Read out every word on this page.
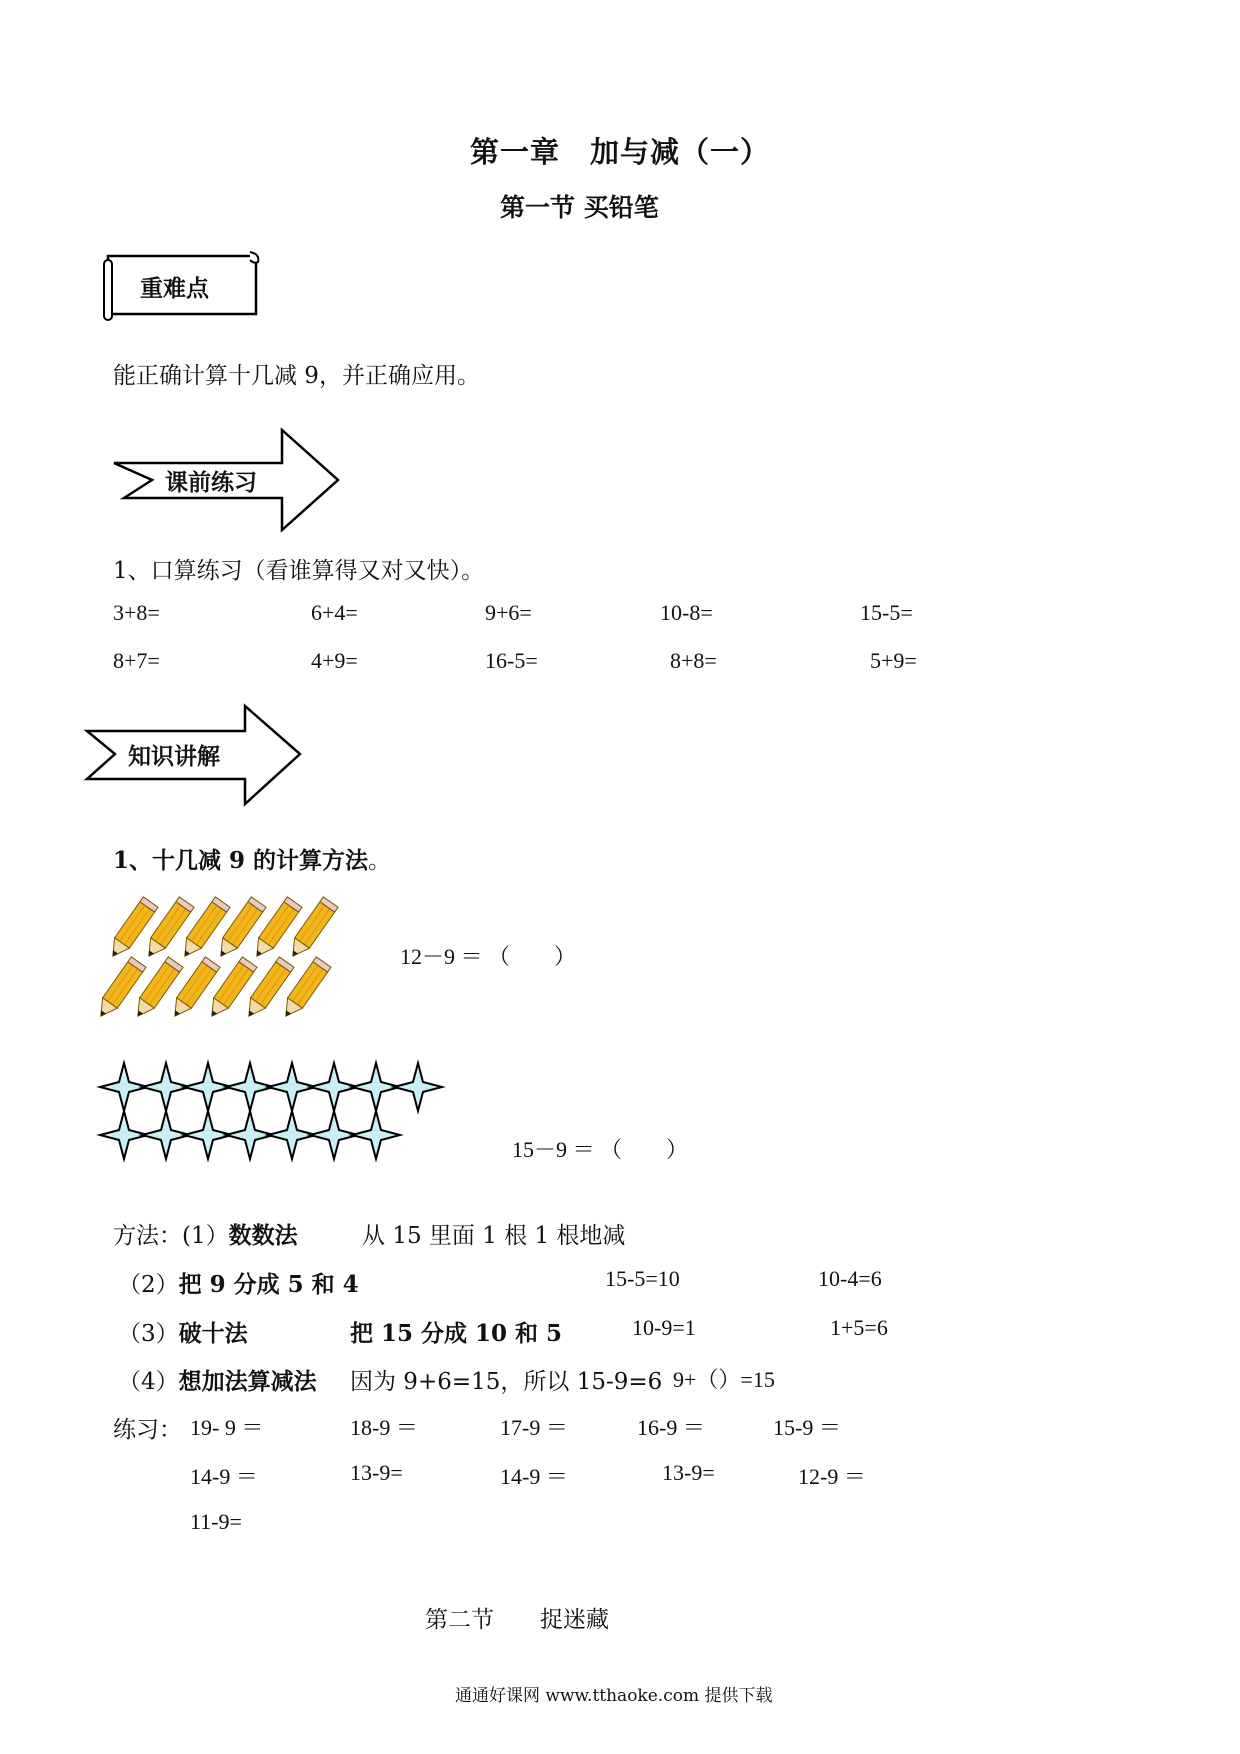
第一章　加与减（一）
第一节 买铅笔
重难点
能正确计算十几减 9，并正确应用。
课前练习
1、口算练习（看谁算得又对又快）。
3+8=	6+4=	9+6=	10-8=	15-5=
8+7=	4+9=	16-5=	8+8=	5+9=
知识讲解
1、十几减 9 的计算方法。
12－9 ＝ （　　）
15－9 ＝ （　　）
方法：(1）数数法	从 15 里面 1 根 1 根地减
（2）把 9 分成 5 和 4	15-5=10	10-4=6
（3）破十法	把 15 分成 10 和 5	10-9=1	1+5=6
（4）想加法算减法 因为 9+6=15，所以 15-9=6 9+（）=15
练习： 19- 9 ＝	18-9 ＝	17-9 ＝	16-9 ＝	15-9 ＝
14-9 ＝	13-9=	14-9 ＝	13-9=	12-9 ＝
11-9=
第二节　　捉迷藏
通通好课网 www.tthaoke.com 提供下载
